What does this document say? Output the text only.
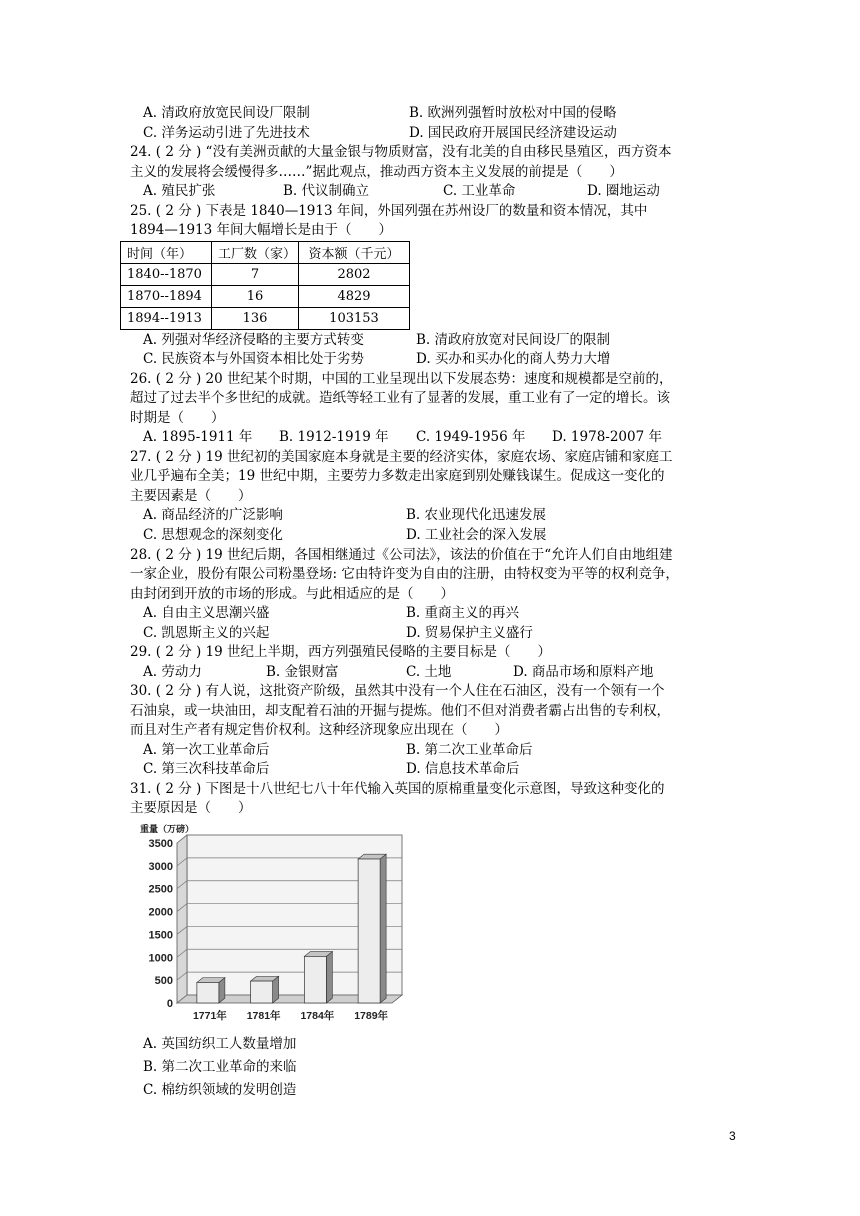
A. 清政府放宽民间设厂限制	B. 欧洲列强暂时放松对中国的侵略
C. 洋务运动引进了先进技术	D. 国民政府开展国民经济建设运动
24. ( 2 分 ) “没有美洲贡献的大量金银与物质财富，没有北美的自由移民垦殖区，西方资本
主义的发展将会缓慢得多……”据此观点，推动西方资本主义发展的前提是（　　）
A. 殖民扩张	B. 代议制确立	C. 工业革命	D. 圈地运动
25. ( 2 分 ) 下表是 1840—1913 年间，外国列强在苏州设厂的数量和资本情况，其中
1894—1913 年间大幅增长是由于（　　）
A. 列强对华经济侵略的主要方式转变	B. 清政府放宽对民间设厂的限制
C. 民族资本与外国资本相比处于劣势	D. 买办和买办化的商人势力大增
26. ( 2 分 ) 20 世纪某个时期，中国的工业呈现出以下发展态势：速度和规模都是空前的，
超过了过去半个多世纪的成就。造纸等轻工业有了显著的发展，重工业有了一定的增长。该
时期是（　　）
A. 1895-1911 年 B. 1912-1919 年 C. 1949-1956 年 D. 1978-2007 年
27. ( 2 分 ) 19 世纪初的美国家庭本身就是主要的经济实体，家庭农场、家庭店铺和家庭工
业几乎遍布全美；19 世纪中期，主要劳力多数走出家庭到别处赚钱谋生。促成这一变化的
主要因素是（　　）
A. 商品经济的广泛影响	B. 农业现代化迅速发展
C. 思想观念的深刻变化	D. 工业社会的深入发展
28. ( 2 分 ) 19 世纪后期，各国相继通过《公司法》，该法的价值在于“允许人们自由地组建
一家企业，股份有限公司粉墨登场: 它由特许变为自由的注册，由特权变为平等的权利竞争，
由封闭到开放的市场的形成。与此相适应的是（　　）
A. 自由主义思潮兴盛	B. 重商主义的再兴
C. 凯恩斯主义的兴起	D. 贸易保护主义盛行
29. ( 2 分 ) 19 世纪上半期，西方列强殖民侵略的主要目标是（　　）
A. 劳动力	B. 金银财富	C. 土地	D. 商品市场和原料产地
30. ( 2 分 ) 有人说，这批资产阶级，虽然其中没有一个人住在石油区，没有一个领有一个
石油泉，或一块油田，却支配着石油的开掘与提炼。他们不但对消费者霸占出售的专利权，
而且对生产者有规定售价权利。这种经济现象应出现在（　　）
A. 第一次工业革命后	B. 第二次工业革命后
C. 第三次科技革命后	D. 信息技术革命后
31. ( 2 分 ) 下图是十八世纪七八十年代输入英国的原棉重量变化示意图，导致这种变化的
主要原因是（　　）
时间（年）	工厂数（家）	资本额（千元）
1840--1870	7	2802
1870--1894	16	4829
1894--1913	136	103153
0
500
1000
1500
2000
2500
3000
3500
重量（万磅）
1771年 1781年 1784年 1789年
A. 英国纺织工人数量增加
B. 第二次工业革命的来临
C. 棉纺织领域的发明创造
3
